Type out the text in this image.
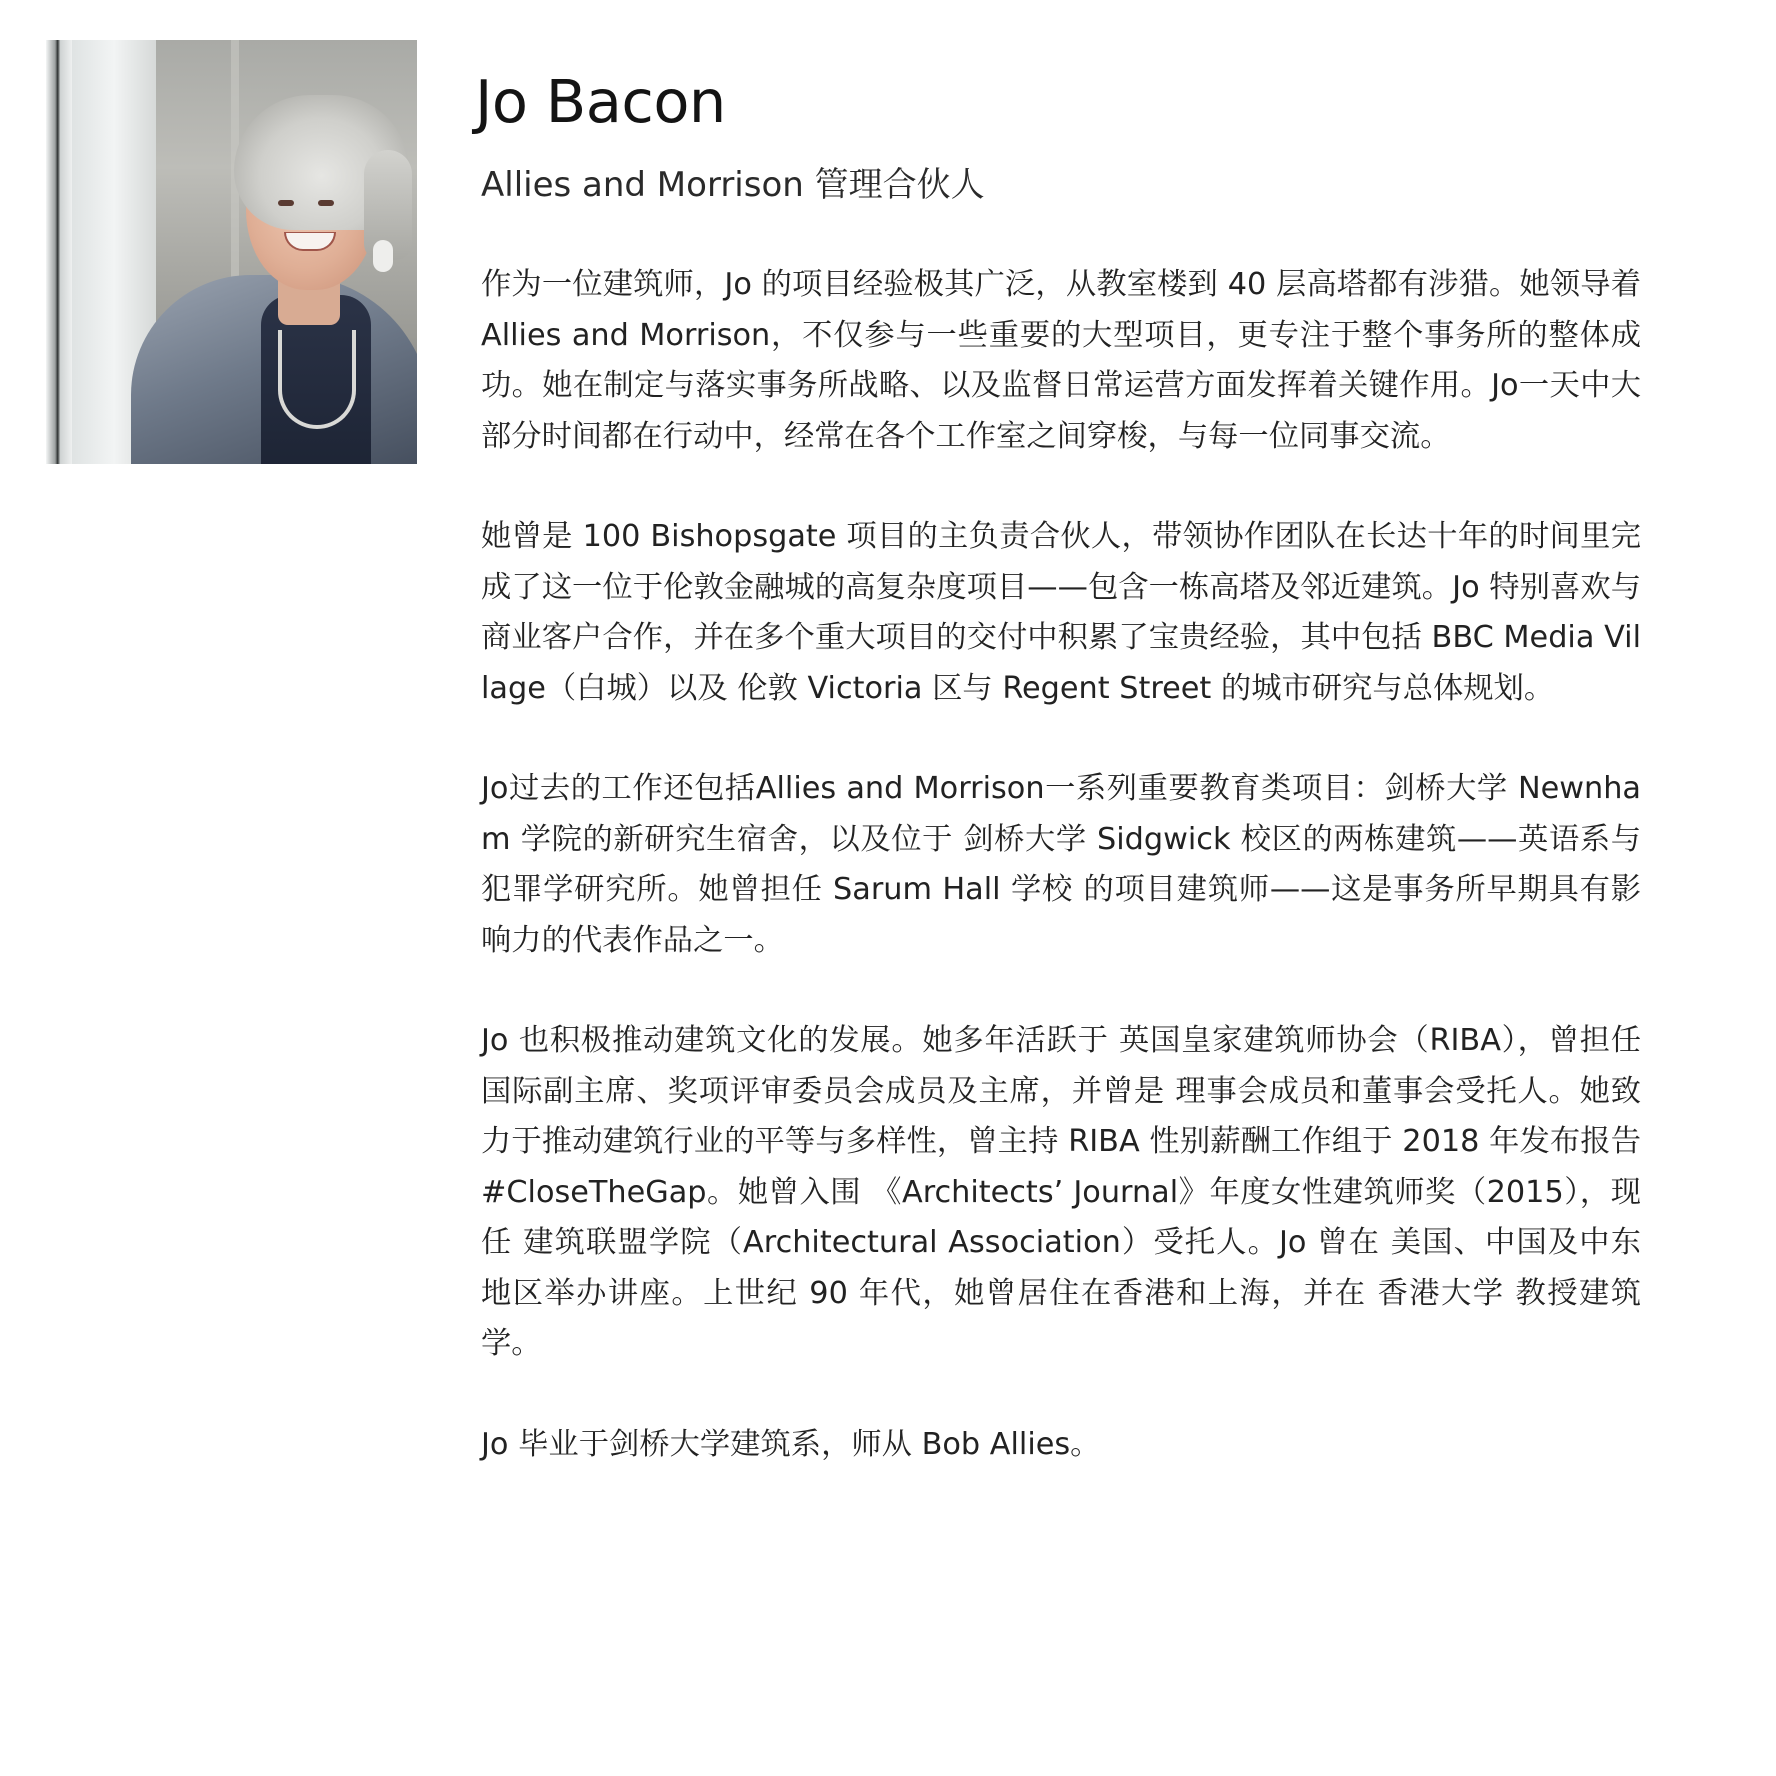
Jo Bacon
Allies and Morrison 管理合伙人

作为一位建筑师，Jo 的项目经验极其广泛，从教室楼到 40 层高塔都有涉猎。她领导着Allies and Morrison，不仅参与一些重要的大型项目，更专注于整个事务所的整体成功。她在制定与落实事务所战略、以及监督日常运营方面发挥着关键作用。Jo一天中大部分时间都在行动中，经常在各个工作室之间穿梭，与每一位同事交流。

她曾是 100 Bishopsgate 项目的主负责合伙人，带领协作团队在长达十年的时间里完成了这一位于伦敦金融城的高复杂度项目——包含一栋高塔及邻近建筑。Jo 特别喜欢与商业客户合作，并在多个重大项目的交付中积累了宝贵经验，其中包括 BBC Media Village（白城）以及 伦敦 Victoria 区与 Regent Street 的城市研究与总体规划。

Jo过去的工作还包括Allies and Morrison一系列重要教育类项目：剑桥大学 Newnham 学院的新研究生宿舍，以及位于 剑桥大学 Sidgwick 校区的两栋建筑——英语系与犯罪学研究所。她曾担任 Sarum Hall 学校 的项目建筑师——这是事务所早期具有影响力的代表作品之一。

Jo 也积极推动建筑文化的发展。她多年活跃于 英国皇家建筑师协会（RIBA），曾担任 国际副主席、奖项评审委员会成员及主席，并曾是 理事会成员和董事会受托人。她致力于推动建筑行业的平等与多样性，曾主持 RIBA 性别薪酬工作组于 2018 年发布报告 #CloseTheGap。她曾入围 《Architects’ Journal》年度女性建筑师奖（2015），现任 建筑联盟学院（Architectural Association）受托人。Jo 曾在 美国、中国及中东 地区举办讲座。上世纪 90 年代，她曾居住在香港和上海，并在 香港大学 教授建筑学。

Jo 毕业于剑桥大学建筑系，师从 Bob Allies。
